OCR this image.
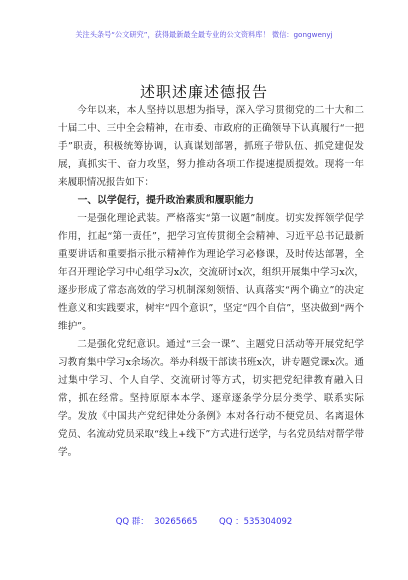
关注头条号“公文研究”，获得最新最全最专业的公文资料库！ 微信：gongwenyj
述职述廉述德报告

今年以来，本人坚持以思想为指导，深入学习贯彻党的二十大和二十届二中、三中全会精神，在市委、市政府的正确领导下认真履行“一把手”职责，积极统筹协调，认真谋划部署，抓班子带队伍、抓党建促发展，真抓实干、奋力攻坚，努力推动各项工作提速提质提效。现将一年来履职情况报告如下：

一、以学促行，提升政治素质和履职能力

一是强化理论武装。严格落实“第一议题”制度。切实发挥领学促学作用，扛起“第一责任”，把学习宣传贯彻全会精神、习近平总书记最新重要讲话和重要指示批示精神作为理论学习必修课，及时传达部署，全年召开理论学习中心组学习x次，交流研讨x次，组织开展集中学习x次，逐步形成了常态高效的学习机制深刻领悟、认真落实“两个确立”的决定性意义和实践要求，树牢“四个意识”，坚定“四个自信”，坚决做到“两个维护”。

二是强化党纪意识。通过“三会一课”、主题党日活动等开展党纪学习教育集中学习x余场次。举办科级干部读书班x次，讲专题党课x次。通过集中学习、个人自学、交流研讨等方式，切实把党纪律教育融入日常，抓在经常。坚持原原本本学、逐章逐条学分层分类学、联系实际学。发放《中国共产党纪律处分条例》本对各行动不便党员、名离退休党员、名流动党员采取“线上+线下”方式进行送学，与名党员结对帮学带学。

QQ 群：  30265665        QQ ：535304092
